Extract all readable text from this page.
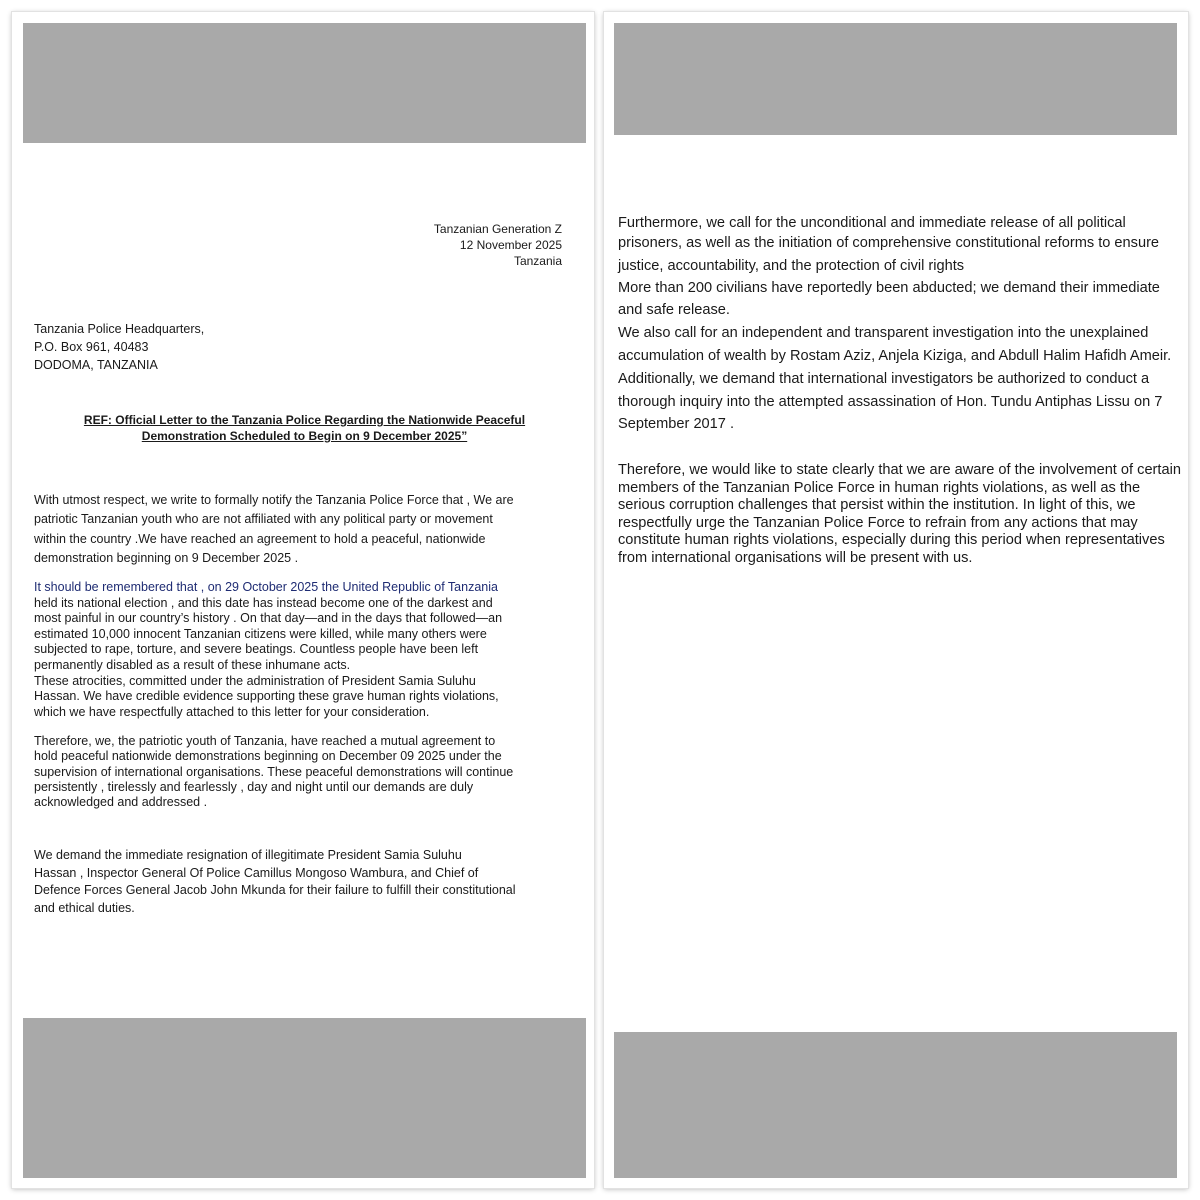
Tanzanian Generation Z
12 November 2025
Tanzania
Tanzania Police Headquarters,
P.O. Box 961, 40483
DODOMA, TANZANIA
REF: Official Letter to the Tanzania Police Regarding the Nationwide Peaceful
Demonstration Scheduled to Begin on 9 December 2025”

With utmost respect, we write to formally notify the Tanzania Police Force that , We are
patriotic Tanzanian youth who are not affiliated with any political party or movement
within the country .We have reached an agreement to hold a peaceful, nationwide
demonstration beginning on 9 December 2025 .

It should be remembered that , on 29 October 2025 the United Republic of Tanzania
held its national election , and this date has instead become one of the darkest and
most painful in our country’s history . On that day—and in the days that followed—an
estimated 10,000 innocent Tanzanian citizens were killed, while many others were
subjected to rape, torture, and severe beatings. Countless people have been left
permanently disabled as a result of these inhumane acts.
These atrocities, committed under the administration of President Samia Suluhu
Hassan. We have credible evidence supporting these grave human rights violations,
which we have respectfully attached to this letter for your consideration.

Therefore, we, the patriotic youth of Tanzania, have reached a mutual agreement to
hold peaceful nationwide demonstrations beginning on December 09 2025 under the
supervision of international organisations. These peaceful demonstrations will continue
persistently , tirelessly and fearlessly , day and night until our demands are duly
acknowledged and addressed .

We demand the immediate resignation of illegitimate President Samia Suluhu
Hassan , Inspector General Of Police Camillus Mongoso Wambura, and Chief of
Defence Forces General Jacob John Mkunda for their failure to fulfill their constitutional
and ethical duties.

Furthermore, we call for the unconditional and immediate release of all political
prisoners, as well as the initiation of comprehensive constitutional reforms to ensure
justice, accountability, and the protection of civil rights

More than 200 civilians have reportedly been abducted; we demand their immediate
and safe release.

We also call for an independent and transparent investigation into the unexplained
accumulation of wealth by Rostam Aziz, Anjela Kiziga, and Abdull Halim Hafidh Ameir.

Additionally, we demand that international investigators be authorized to conduct a
thorough inquiry into the attempted assassination of Hon. Tundu Antiphas Lissu on 7
September 2017 .

Therefore, we would like to state clearly that we are aware of the involvement of certain
members of the Tanzanian Police Force in human rights violations, as well as the
serious corruption challenges that persist within the institution. In light of this, we
respectfully urge the Tanzanian Police Force to refrain from any actions that may
constitute human rights violations, especially during this period when representatives
from international organisations will be present with us.
